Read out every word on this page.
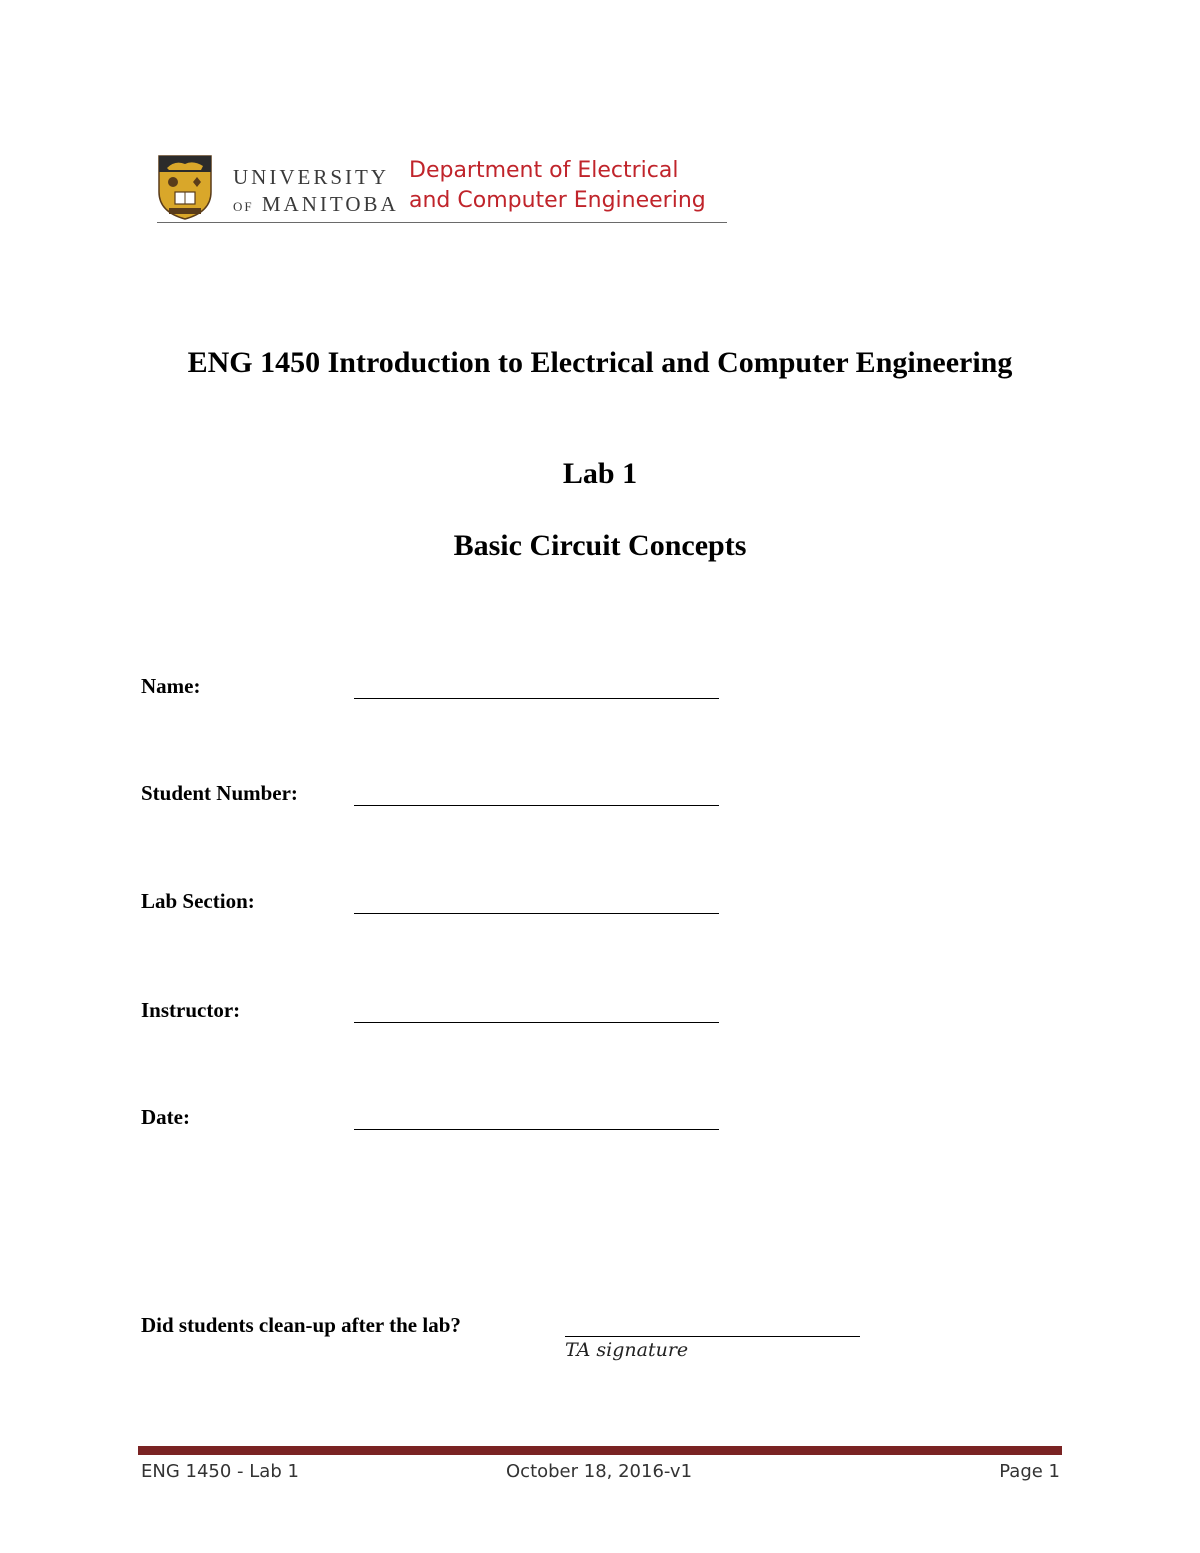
UNIVERSITY
OF MANITOBA
Department of Electrical
and Computer Engineering
ENG 1450 Introduction to Electrical and Computer Engineering
Lab 1
Basic Circuit Concepts
Name:
Student Number:
Lab Section:
Instructor:
Date:
Did students clean-up after the lab?
TA signature
ENG 1450 - Lab 1	October 18, 2016-v1	Page 1
